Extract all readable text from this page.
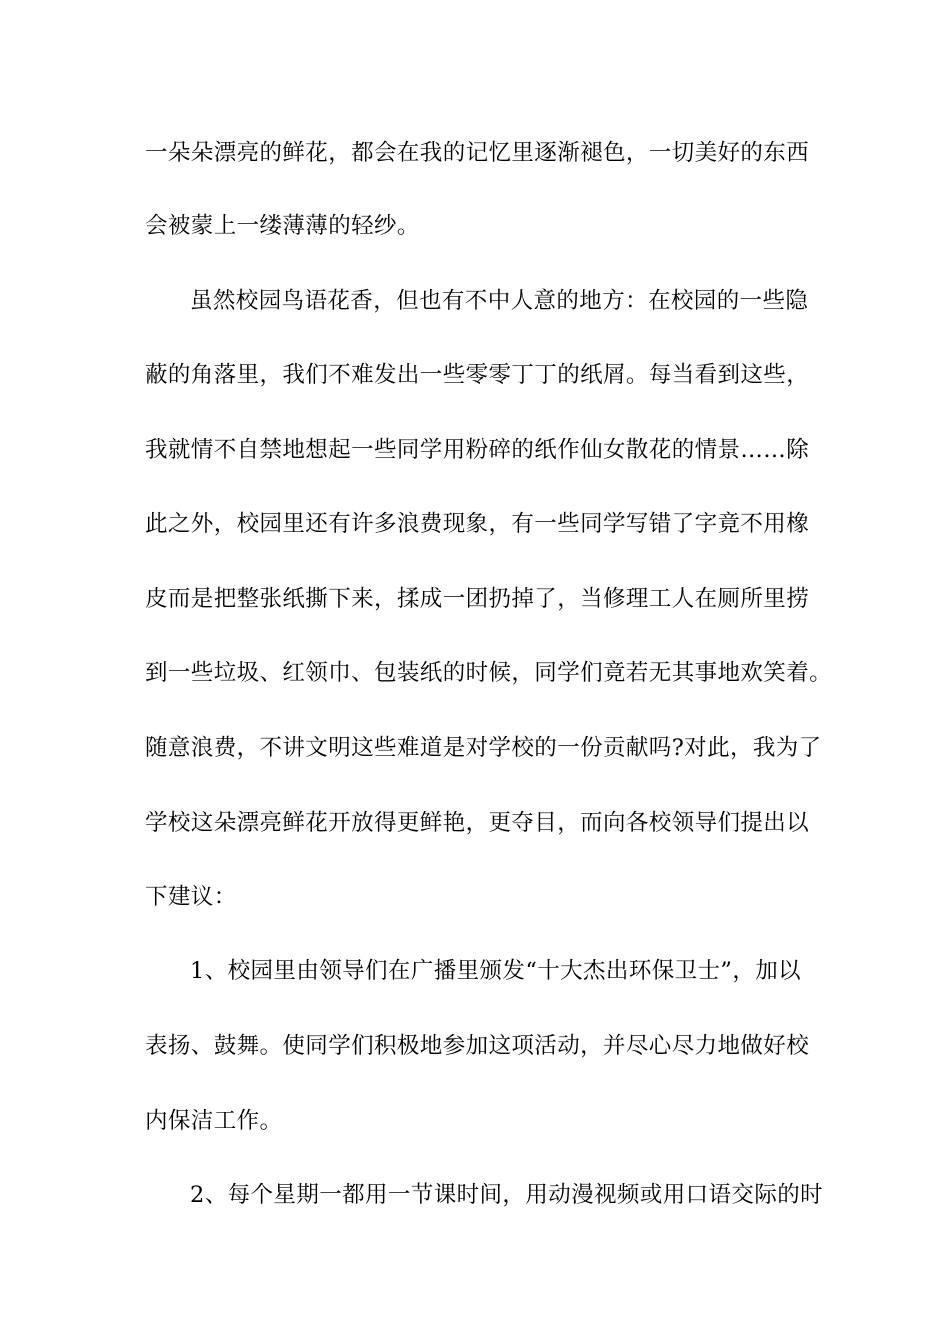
一朵朵漂亮的鲜花，都会在我的记忆里逐渐褪色，一切美好的东西
会被蒙上一缕薄薄的轻纱。
虽然校园鸟语花香，但也有不中人意的地方：在校园的一些隐
蔽的角落里，我们不难发出一些零零丁丁的纸屑。每当看到这些，
我就情不自禁地想起一些同学用粉碎的纸作仙女散花的情景……除
此之外，校园里还有许多浪费现象，有一些同学写错了字竟不用橡
皮而是把整张纸撕下来，揉成一团扔掉了，当修理工人在厕所里捞
到一些垃圾、红领巾、包装纸的时候，同学们竟若无其事地欢笑着。
随意浪费，不讲文明这些难道是对学校的一份贡献吗?对此，我为了
学校这朵漂亮鲜花开放得更鲜艳，更夺目，而向各校领导们提出以
下建议：
1、校园里由领导们在广播里颁发“十大杰出环保卫士”，加以
表扬、鼓舞。使同学们积极地参加这项活动，并尽心尽力地做好校
内保洁工作。
2、每个星期一都用一节课时间，用动漫视频或用口语交际的时
